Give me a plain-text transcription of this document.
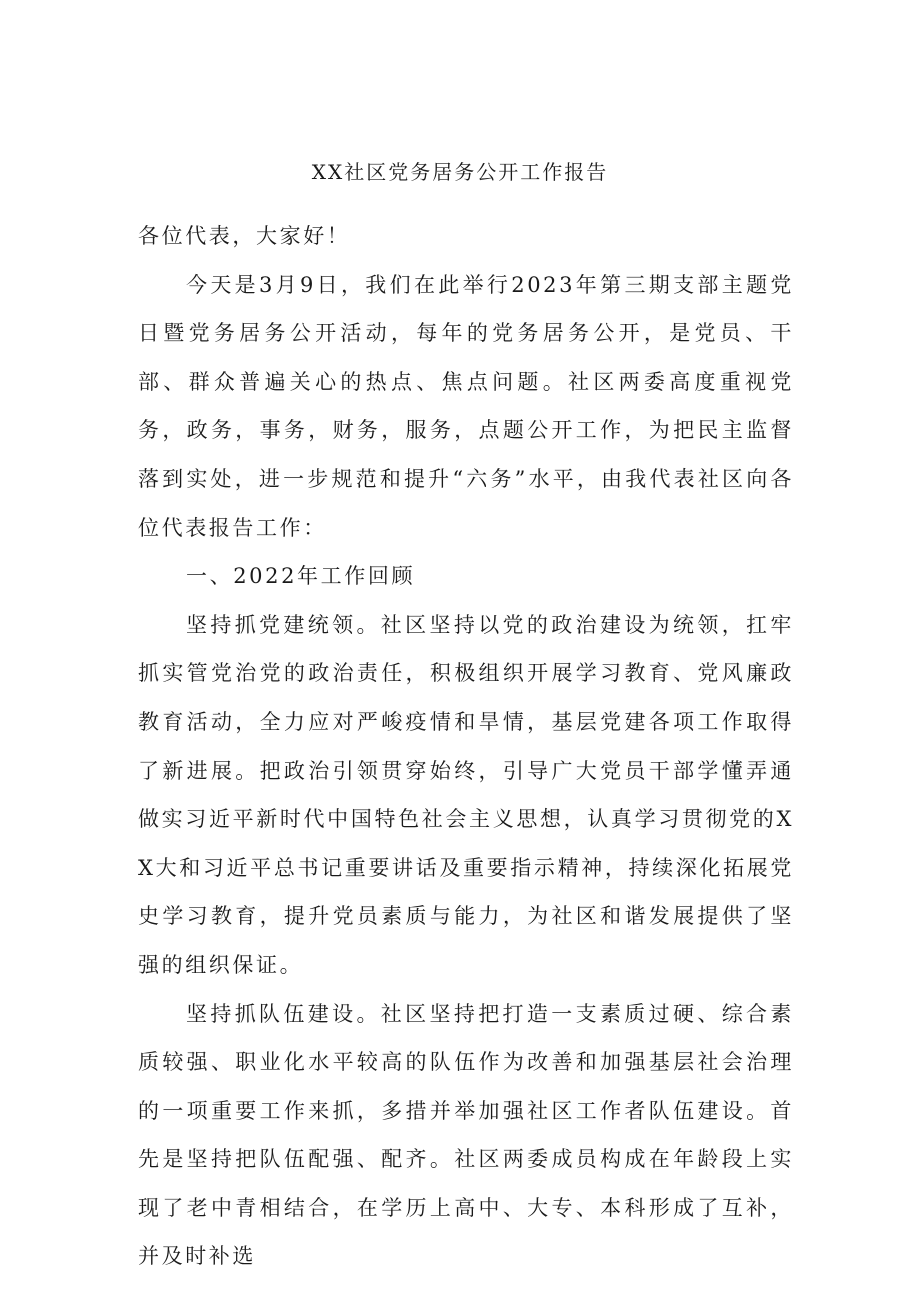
XX社区党务居务公开工作报告

各位代表，大家好！

今天是3月9日，我们在此举行2023年第三期支部主题党日暨党务居务公开活动，每年的党务居务公开，是党员、干部、群众普遍关心的热点、焦点问题。社区两委高度重视党务，政务，事务，财务，服务，点题公开工作，为把民主监督落到实处，进一步规范和提升“六务”水平，由我代表社区向各位代表报告工作：

一、2022年工作回顾

坚持抓党建统领。社区坚持以党的政治建设为统领，扛牢抓实管党治党的政治责任，积极组织开展学习教育、党风廉政教育活动，全力应对严峻疫情和旱情，基层党建各项工作取得了新进展。把政治引领贯穿始终，引导广大党员干部学懂弄通做实习近平新时代中国特色社会主义思想，认真学习贯彻党的XX大和习近平总书记重要讲话及重要指示精神，持续深化拓展党史学习教育，提升党员素质与能力，为社区和谐发展提供了坚强的组织保证。

坚持抓队伍建设。社区坚持把打造一支素质过硬、综合素质较强、职业化水平较高的队伍作为改善和加强基层社会治理的一项重要工作来抓，多措并举加强社区工作者队伍建设。首先是坚持把队伍配强、配齐。社区两委成员构成在年龄段上实现了老中青相结合，在学历上高中、大专、本科形成了互补，并及时补选
